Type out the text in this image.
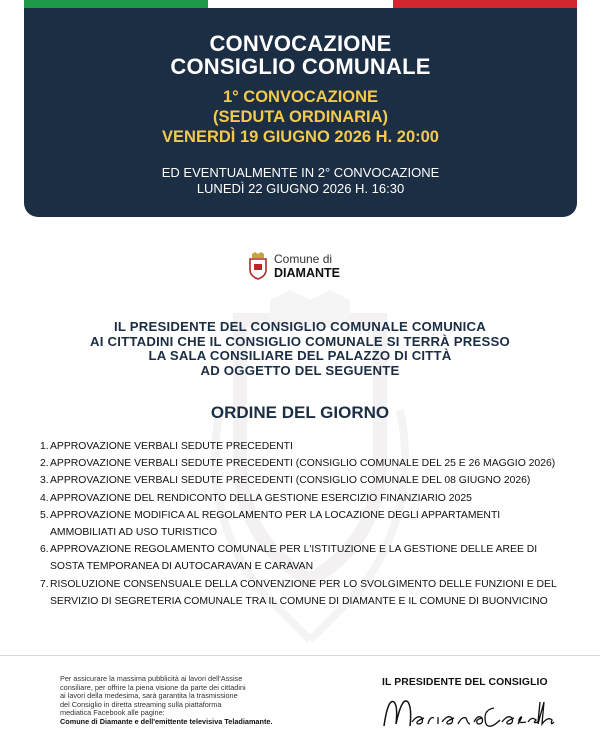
CONVOCAZIONE
CONSIGLIO COMUNALE
1° CONVOCAZIONE
(SEDUTA ORDINARIA)
VENERDÌ 19 GIUGNO 2026 H. 20:00
ED EVENTUALMENTE IN 2° CONVOCAZIONE
LUNEDÌ 22 GIUGNO 2026 H. 16:30
Comune di
DIAMANTE
IL PRESIDENTE DEL CONSIGLIO COMUNALE COMUNICA
AI CITTADINI CHE IL CONSIGLIO COMUNALE SI TERRÀ PRESSO
LA SALA CONSILIARE DEL PALAZZO DI CITTÀ
AD OGGETTO DEL SEGUENTE
ORDINE DEL GIORNO
1. APPROVAZIONE VERBALI SEDUTE PRECEDENTI
2. APPROVAZIONE VERBALI SEDUTE PRECEDENTI (CONSIGLIO COMUNALE DEL 25 E 26 MAGGIO 2026)
3. APPROVAZIONE VERBALI SEDUTE PRECEDENTI (CONSIGLIO COMUNALE DEL 08 GIUGNO 2026)
4. APPROVAZIONE DEL RENDICONTO DELLA GESTIONE ESERCIZIO FINANZIARIO 2025
5. APPROVAZIONE MODIFICA AL REGOLAMENTO PER LA LOCAZIONE DEGLI APPARTAMENTI
AMMOBILIATI AD USO TURISTICO
6. APPROVAZIONE REGOLAMENTO COMUNALE PER L'ISTITUZIONE E LA GESTIONE DELLE AREE DI
SOSTA TEMPORANEA DI AUTOCARAVAN E CARAVAN
7. RISOLUZIONE CONSENSUALE DELLA CONVENZIONE PER LO SVOLGIMENTO DELLE FUNZIONI E DEL
SERVIZIO DI SEGRETERIA COMUNALE TRA IL COMUNE DI DIAMANTE E IL COMUNE DI BUONVICINO
Per assicurare la massima pubblicità ai lavori dell'Assise
consiliare, per offrire la piena visione da parte dei cittadini
ai lavori della medesima, sarà garantita la trasmissione
del Consiglio in diretta streaming sulla piattaforma
mediatica Facebook alle pagine:
Comune di Diamante e dell'emittente televisiva Teladiamante.
IL PRESIDENTE DEL CONSIGLIO
